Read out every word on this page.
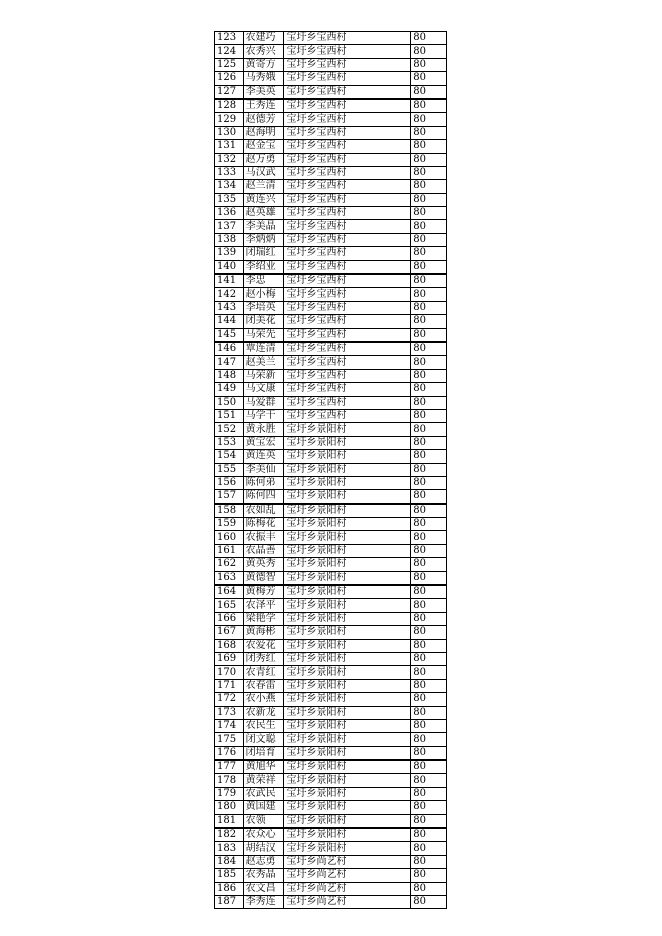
123	农建巧	宝圩乡宝西村	80
124	农秀兴	宝圩乡宝西村	80
125	黄寄方	宝圩乡宝西村	80
126	马秀娥	宝圩乡宝西村	80
127	李美英	宝圩乡宝西村	80
128	王秀连	宝圩乡宝西村	80
129	赵德芳	宝圩乡宝西村	80
130	赵海明	宝圩乡宝西村	80
131	赵金宝	宝圩乡宝西村	80
132	赵万勇	宝圩乡宝西村	80
133	马汉武	宝圩乡宝西村	80
134	赵兰清	宝圩乡宝西村	80
135	黄连兴	宝圩乡宝西村	80
136	赵英雄	宝圩乡宝西村	80
137	李美晶	宝圩乡宝西村	80
138	李炳炳	宝圩乡宝西村	80
139	闭瑞红	宝圩乡宝西村	80
140	李绍业	宝圩乡宝西村	80
141	李忠	宝圩乡宝西村	80
142	赵小梅	宝圩乡宝西村	80
143	李培英	宝圩乡宝西村	80
144	闭美花	宝圩乡宝西村	80
145	马荣先	宝圩乡宝西村	80
146	覃连清	宝圩乡宝西村	80
147	赵美兰	宝圩乡宝西村	80
148	马荣新	宝圩乡宝西村	80
149	马文康	宝圩乡宝西村	80
150	马爱群	宝圩乡宝西村	80
151	马学干	宝圩乡宝西村	80
152	黄永胜	宝圩乡景阳村	80
153	黄宝宏	宝圩乡景阳村	80
154	黄连英	宝圩乡景阳村	80
155	李美仙	宝圩乡景阳村	80
156	陈何弟	宝圩乡景阳村	80
157	陈何四	宝圩乡景阳村	80
158	农如乱	宝圩乡景阳村	80
159	陈梅花	宝圩乡景阳村	80
160	农振丰	宝圩乡景阳村	80
161	农晶善	宝圩乡景阳村	80
162	黄英秀	宝圩乡景阳村	80
163	黄德智	宝圩乡景阳村	80
164	黄梅芳	宝圩乡景阳村	80
165	农泽平	宝圩乡景阳村	80
166	梁艳学	宝圩乡景阳村	80
167	黄海彬	宝圩乡景阳村	80
168	农爱花	宝圩乡景阳村	80
169	闭秀红	宝圩乡景阳村	80
170	农青红	宝圩乡景阳村	80
171	农春雷	宝圩乡景阳村	80
172	农小燕	宝圩乡景阳村	80
173	农新龙	宝圩乡景阳村	80
174	农民生	宝圩乡景阳村	80
175	闭文聪	宝圩乡景阳村	80
176	闭培育	宝圩乡景阳村	80
177	黄旭华	宝圩乡景阳村	80
178	黄荣祥	宝圩乡景阳村	80
179	农武民	宝圩乡景阳村	80
180	黄国建	宝圩乡景阳村	80
181	农领	宝圩乡景阳村	80
182	农众心	宝圩乡景阳村	80
183	胡结汉	宝圩乡景阳村	80
184	赵志勇	宝圩乡尚艺村	80
185	农秀晶	宝圩乡尚艺村	80
186	农文昌	宝圩乡尚艺村	80
187	李秀连	宝圩乡尚艺村	80
